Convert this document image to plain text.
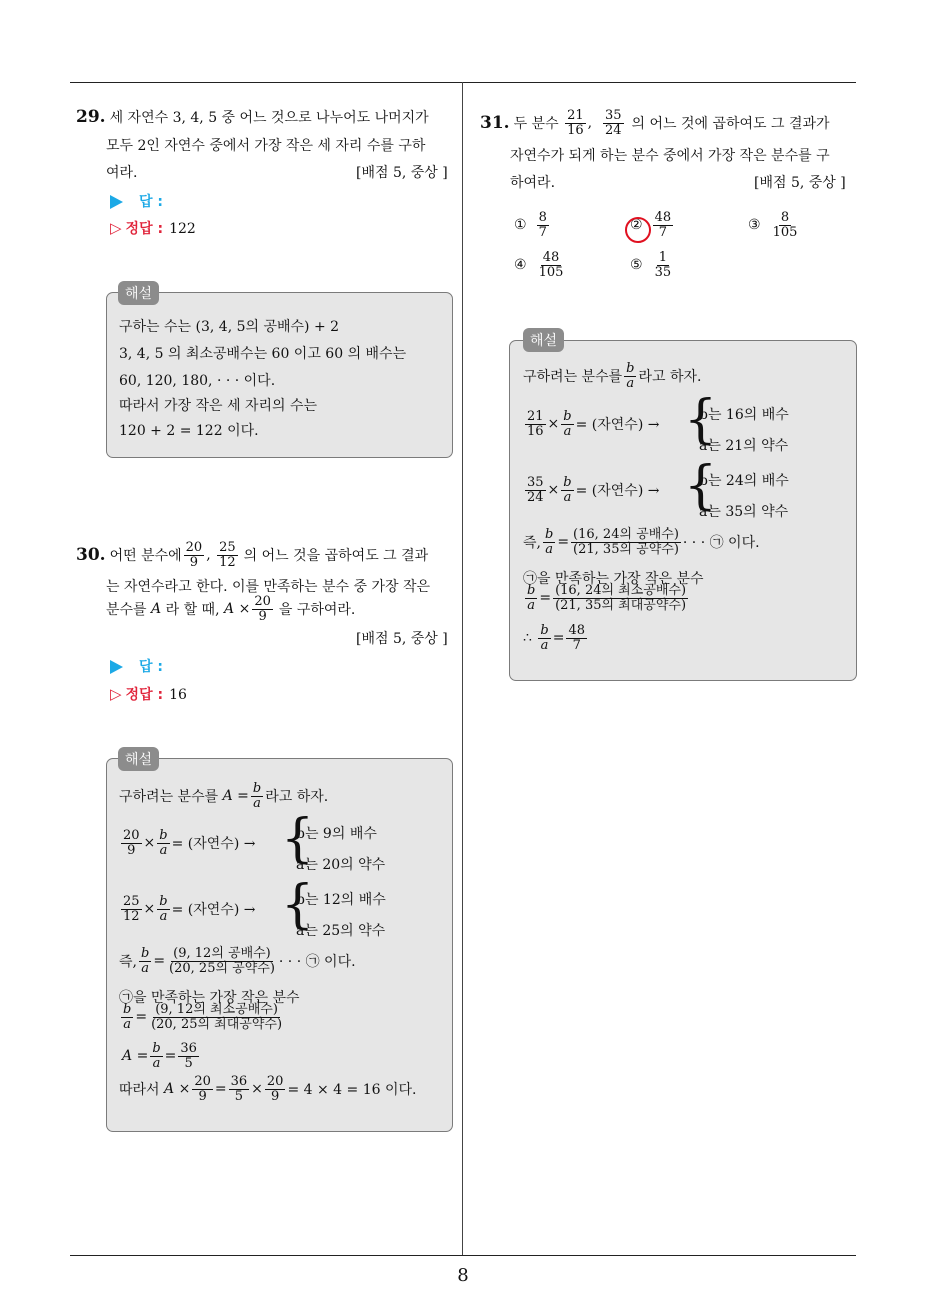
8
29. 세 자연수 3, 4, 5 중 어느 것으로 나누어도 나머지가
모두 2인 자연수 중에서 가장 작은 세 자리 수를 구하
여라.	[배점 5, 중상 ]
답 :
▷ 정답 : 122
해설
구하는 수는 (3, 4, 5의 공배수) + 2
3, 4, 5 의 최소공배수는 60 이고 60 의 배수는
60, 120, 180, · · · 이다.
따라서 가장 작은 세 자리의 수는
120 + 2 = 122 이다.
30. 어떤 분수에 $\frac{20}{9}$ , $\frac{25}{12}$ 의 어느 것을 곱하여도 그 결과
는 자연수라고 한다. 이를 만족하는 분수 중 가장 작은
분수를
A
라 할 때,
A
× $\frac{20}{9}$ 을 구하여라.
[배점 5, 중상 ]
답 :
▷ 정답 : 16
해설
구하려는 분수를
A
= $\frac{b}{a}$ 라고 하자.
$\frac{20}{9} \times \frac{b}{a}$ = (자연수) → {
b는 9의 배수
a는 20의 약수
$\frac{25}{12} \times \frac{b}{a}$ = (자연수) → {
b는 12의 배수
a는 25의 약수
즉, $\frac{b}{a} = \frac{\text{(9, 12의 공배수)}}{\text{(20, 25의 공약수)}}$ · · · ㉠ 이다.
㉠을 만족하는 가장 작은 분수
$\frac{b}{a} = \frac{\text{(9, 12의 최소공배수)}}{\text{(20, 25의 최대공약수)}}$
A
= $\frac{b}{a} = \frac{36}{5}$
따라서
A
× $\frac{20}{9} = \frac{36}{5} \times \frac{20}{9} = 4 \times 4 = 16$ 이다.
31. 두 분수
$\frac{21}{16}$ , $\frac{35}{24}$ 의 어느 것에 곱하여도 그 결과가
자연수가 되게 하는 분수 중에서 가장 작은 분수를 구
하여라.	[배점 5, 중상 ]
① $\frac{8}{7}$	② $\frac{48}{7}$	③ $\frac{8}{105}$
④ $\frac{48}{105}$	⑤ $\frac{1}{35}$
해설
구하려는 분수를 $\frac{b}{a}$ 라고 하자.
$\frac{21}{16} \times \frac{b}{a}$ = (자연수) → {
b는 16의 배수
a는 21의 약수
$\frac{35}{24} \times \frac{b}{a}$ = (자연수) → {
b는 24의 배수
a는 35의 약수
즉, $\frac{b}{a} = \frac{\text{(16, 24의 공배수)}}{\text{(21, 35의 공약수)}}$ · · · ㉠ 이다.
㉠을 만족하는 가장 작은 분수
$\frac{b}{a} = \frac{\text{(16, 24의 최소공배수)}}{\text{(21, 35의 최대공약수)}}$
∴
$\frac{b}{a} = \frac{48}{7}$
